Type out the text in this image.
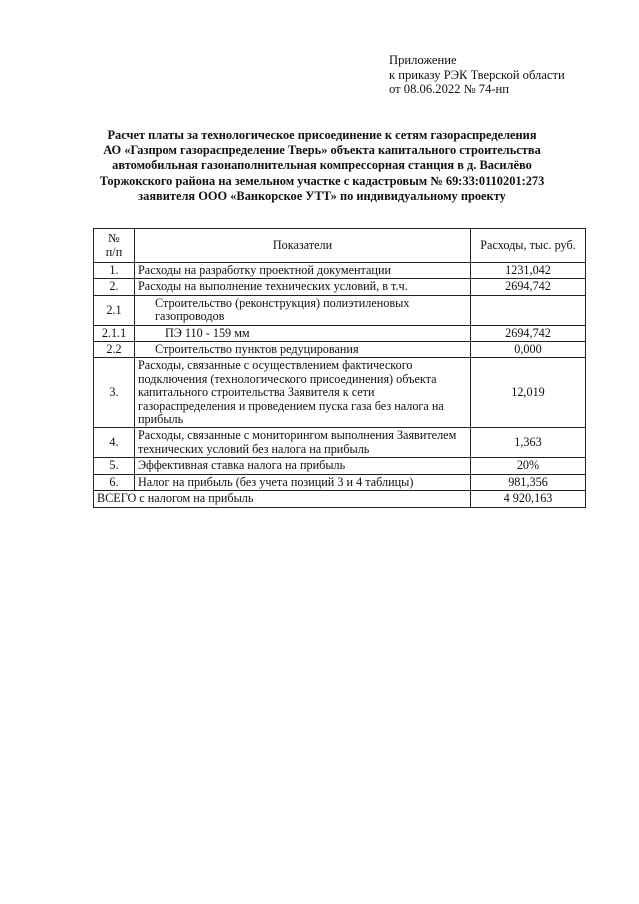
Приложение
к приказу РЭК Тверской области
от 08.06.2022 № 74-нп
Расчет платы за технологическое присоединение к сетям газораспределения
АО «Газпром газораспределение Тверь» объекта капитального строительства
автомобильная газонаполнительная компрессорная станция в д. Василёво
Торжокского района на земельном участке с кадастровым № 69:33:0110201:273
заявителя ООО «Ванкорское УТТ» по индивидуальному проекту
№
п/п	Показатели	Расходы, тыс. руб.
1.	Расходы на разработку проектной документации	1231,042
2.	Расходы на выполнение технических условий, в т.ч.	2694,742
2.1	Строительство (реконструкция) полиэтиленовых газопроводов	
2.1.1	ПЭ 110 - 159 мм	2694,742
2.2	Строительство пунктов редуцирования	0,000
3.	Расходы, связанные с осуществлением фактического подключения (технологического присоединения) объекта капитального строительства Заявителя к сети газораспределения и проведением пуска газа без налога на прибыль	12,019
4.	Расходы, связанные с мониторингом выполнения Заявителем технических условий без налога на прибыль	1,363
5.	Эффективная ставка налога на прибыль	20%
6.	Налог на прибыль (без учета позиций 3 и 4 таблицы)	981,356
ВСЕГО с налогом на прибыль		4 920,163
